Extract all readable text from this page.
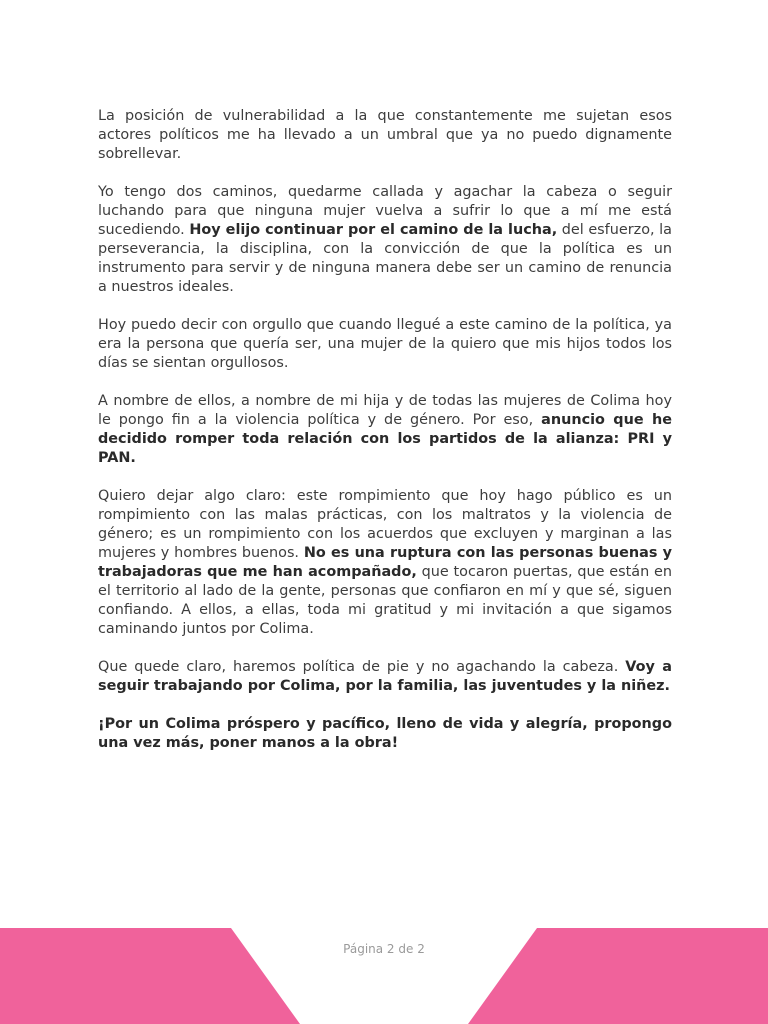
La posición de vulnerabilidad a la que constantemente me sujetan esos actores políticos me ha llevado a un umbral que ya no puedo dignamente sobrellevar.

Yo tengo dos caminos, quedarme callada y agachar la cabeza o seguir luchando para que ninguna mujer vuelva a sufrir lo que a mí me está sucediendo. Hoy elijo continuar por el camino de la lucha, del esfuerzo, la perseverancia, la disciplina, con la convicción de que la política es un instrumento para servir y de ninguna manera debe ser un camino de renuncia a nuestros ideales.

Hoy puedo decir con orgullo que cuando llegué a este camino de la política, ya era la persona que quería ser, una mujer de la quiero que mis hijos todos los días se sientan orgullosos.

A nombre de ellos, a nombre de mi hija y de todas las mujeres de Colima hoy le pongo fin a la violencia política y de género. Por eso, anuncio que he decidido romper toda relación con los partidos de la alianza: PRI y PAN.

Quiero dejar algo claro: este rompimiento que hoy hago público es un rompimiento con las malas prácticas, con los maltratos y la violencia de género; es un rompimiento con los acuerdos que excluyen y marginan a las mujeres y hombres buenos. No es una ruptura con las personas buenas y trabajadoras que me han acompañado, que tocaron puertas, que están en el territorio al lado de la gente, personas que confiaron en mí y que sé, siguen confiando. A ellos, a ellas, toda mi gratitud y mi invitación a que sigamos caminando juntos por Colima.

Que quede claro, haremos política de pie y no agachando la cabeza. Voy a seguir trabajando por Colima, por la familia, las juventudes y la niñez.

¡Por un Colima próspero y pacífico, lleno de vida y alegría, propongo una vez más, poner manos a la obra!

Página 2 de 2
